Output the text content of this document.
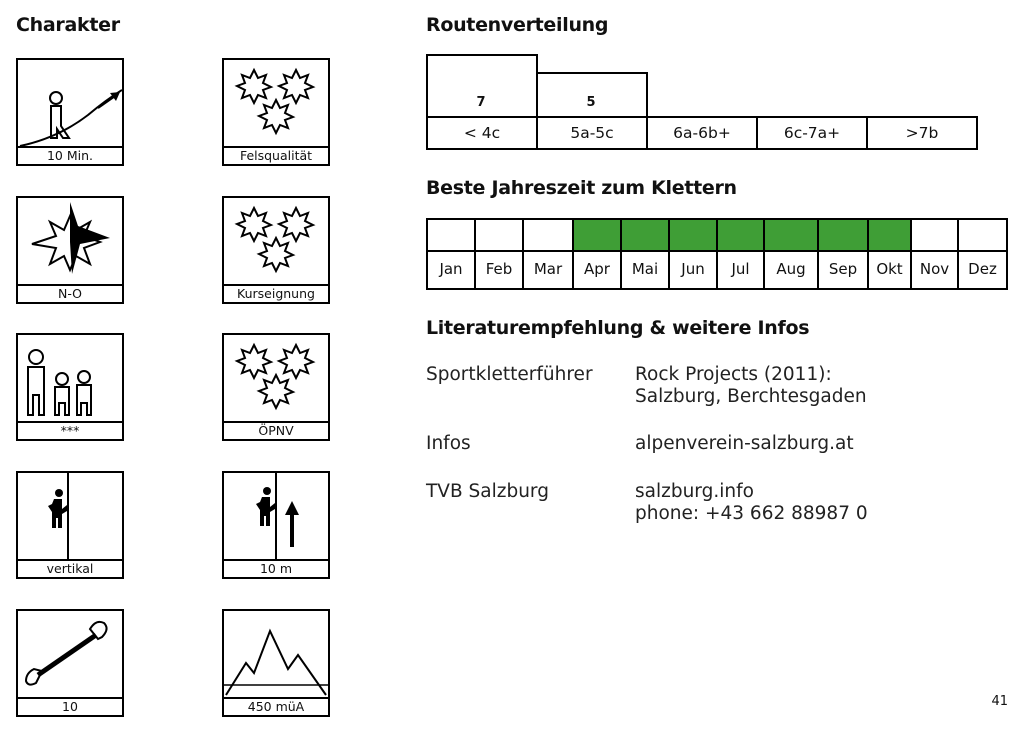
Charakter
10 Min.	Felsqualität
N-O	Kurseignung
***	ÖPNV
vertikal	10 m
10	450 müA
Routenverteilung
7	5
< 4c	5a-5c	6a-6b+	6c-7a+	>7b
Beste Jahreszeit zum Klettern
Jan	Feb	Mar	Apr	Mai	Jun	Jul	Aug	Sep	Okt	Nov	Dez
Literaturempfehlung & weitere Infos
Sportkletterführer Rock Projects (2011):
Salzburg, Berchtesgaden
Infos	alpenverein-salzburg.at
TVB Salzburg	salzburg.info
phone: +43 662 88987 0
41
